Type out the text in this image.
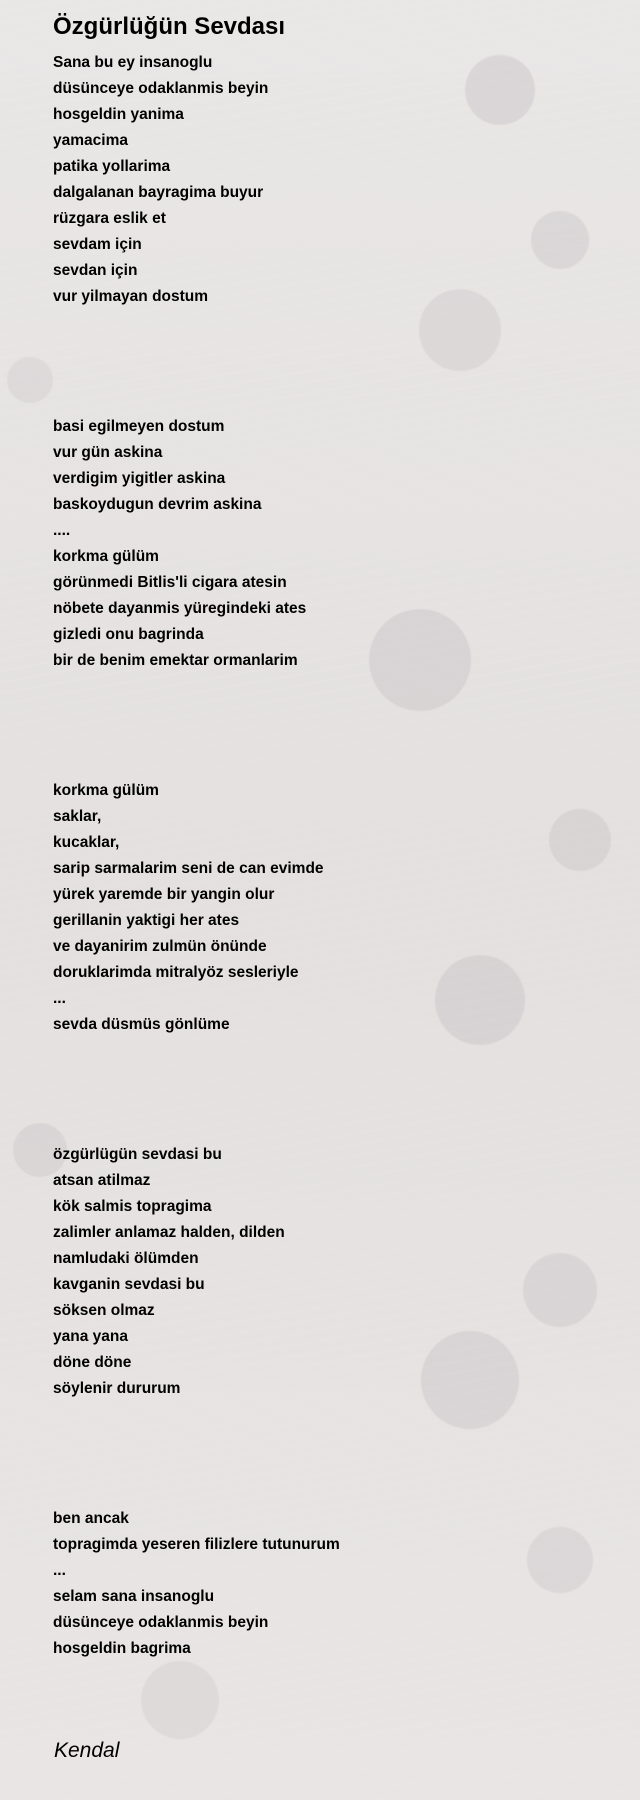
Özgürlüğün Sevdası
Sana bu ey insanoglu
düsünceye odaklanmis beyin
hosgeldin yanima
yamacima
patika yollarima
dalgalanan bayragima buyur
rüzgara eslik et
sevdam için
sevdan için
vur yilmayan dostum
basi egilmeyen dostum
vur gün askina
verdigim yigitler askina
baskoydugun devrim askina
....
korkma gülüm
görünmedi Bitlis'li cigara atesin
nöbete dayanmis yüregindeki ates
gizledi onu bagrinda
bir de benim emektar ormanlarim
korkma gülüm
saklar,
kucaklar,
sarip sarmalarim seni de can evimde
yürek yaremde bir yangin olur
gerillanin yaktigi her ates
ve dayanirim zulmün önünde
doruklarimda mitralyöz sesleriyle
...
sevda düsmüs gönlüme
özgürlügün sevdasi bu
atsan atilmaz
kök salmis topragima
zalimler anlamaz halden, dilden
namludaki ölümden
kavganin sevdasi bu
söksen olmaz
yana yana
döne döne
söylenir dururum
ben ancak
topragimda yeseren filizlere tutunurum
...
selam sana insanoglu
düsünceye odaklanmis beyin
hosgeldin bagrima
Kendal
